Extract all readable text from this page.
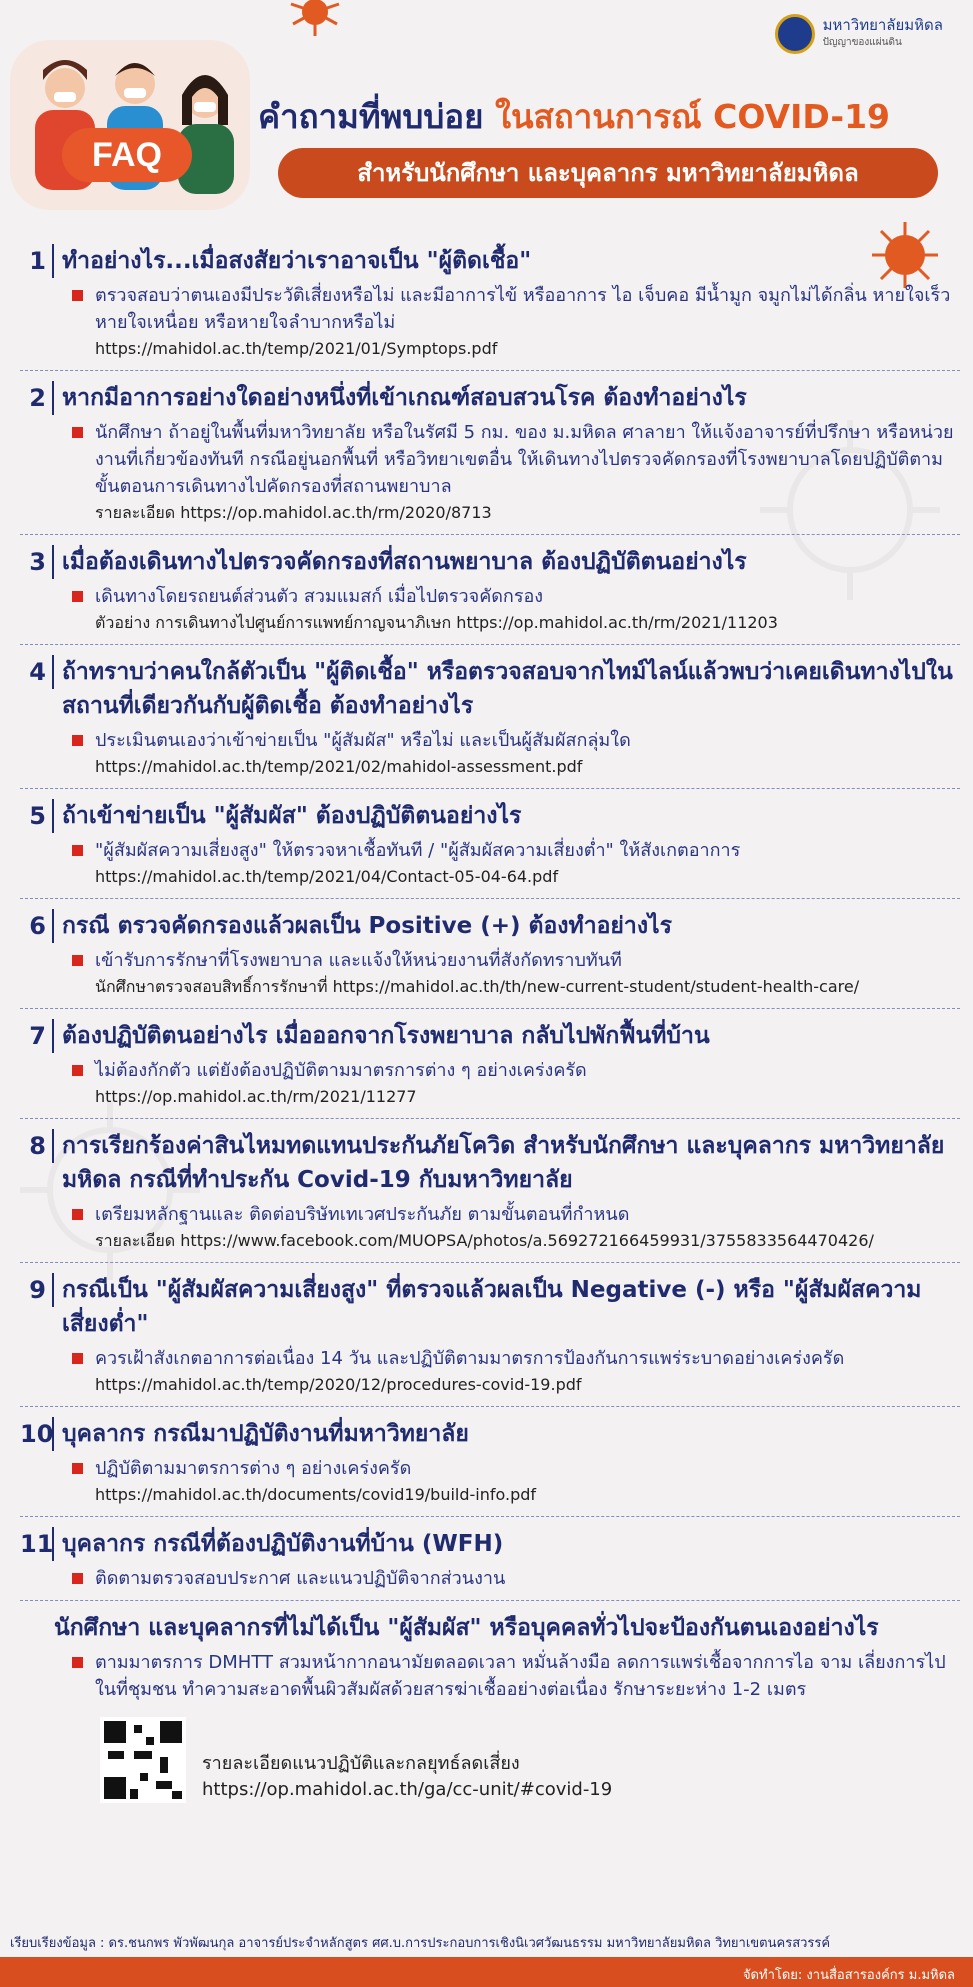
มหาวิทยาลัยมหิดล
ปัญญาของแผ่นดิน
FAQ
คำถามที่พบบ่อย ในสถานการณ์ COVID-19
สำหรับนักศึกษา และบุคลากร มหาวิทยาลัยมหิดล
1 ทำอย่างไร...เมื่อสงสัยว่าเราอาจเป็น "ผู้ติดเชื้อ"
ตรวจสอบว่าตนเองมีประวัติเสี่ยงหรือไม่ และมีอาการไข้ หรืออาการ ไอ เจ็บคอ มีน้ำมูก จมูกไม่ได้กลิ่น หายใจเร็ว หายใจเหนื่อย หรือหายใจลำบากหรือไม่
https://mahidol.ac.th/temp/2021/01/Symptops.pdf
2 หากมีอาการอย่างใดอย่างหนึ่งที่เข้าเกณฑ์สอบสวนโรค ต้องทำอย่างไร
นักศึกษา ถ้าอยู่ในพื้นที่มหาวิทยาลัย หรือในรัศมี 5 กม. ของ ม.มหิดล ศาลายา ให้แจ้งอาจารย์ที่ปรึกษา หรือหน่วยงานที่เกี่ยวข้องทันที กรณีอยู่นอกพื้นที่ หรือวิทยาเขตอื่น ให้เดินทางไปตรวจคัดกรองที่โรงพยาบาลโดยปฏิบัติตามขั้นตอนการเดินทางไปคัดกรองที่สถานพยาบาล
รายละเอียด https://op.mahidol.ac.th/rm/2020/8713
3 เมื่อต้องเดินทางไปตรวจคัดกรองที่สถานพยาบาล ต้องปฏิบัติตนอย่างไร
เดินทางโดยรถยนต์ส่วนตัว สวมแมสก์ เมื่อไปตรวจคัดกรอง
ตัวอย่าง การเดินทางไปศูนย์การแพทย์กาญจนาภิเษก https://op.mahidol.ac.th/rm/2021/11203
4 ถ้าทราบว่าคนใกล้ตัวเป็น "ผู้ติดเชื้อ" หรือตรวจสอบจากไทม์ไลน์แล้วพบว่าเคยเดินทางไปในสถานที่เดียวกันกับผู้ติดเชื้อ ต้องทำอย่างไร
ประเมินตนเองว่าเข้าข่ายเป็น "ผู้สัมผัส" หรือไม่ และเป็นผู้สัมผัสกลุ่มใด
https://mahidol.ac.th/temp/2021/02/mahidol-assessment.pdf
5 ถ้าเข้าข่ายเป็น "ผู้สัมผัส" ต้องปฏิบัติตนอย่างไร
"ผู้สัมผัสความเสี่ยงสูง" ให้ตรวจหาเชื้อทันที / "ผู้สัมผัสความเสี่ยงต่ำ" ให้สังเกตอาการ
https://mahidol.ac.th/temp/2021/04/Contact-05-04-64.pdf
6 กรณี ตรวจคัดกรองแล้วผลเป็น Positive (+) ต้องทำอย่างไร
เข้ารับการรักษาที่โรงพยาบาล และแจ้งให้หน่วยงานที่สังกัดทราบทันที
นักศึกษาตรวจสอบสิทธิ์การรักษาที่ https://mahidol.ac.th/th/new-current-student/student-health-care/
7 ต้องปฏิบัติตนอย่างไร เมื่อออกจากโรงพยาบาล กลับไปพักฟื้นที่บ้าน
ไม่ต้องกักตัว แต่ยังต้องปฏิบัติตามมาตรการต่าง ๆ อย่างเคร่งครัด
https://op.mahidol.ac.th/rm/2021/11277
8 การเรียกร้องค่าสินไหมทดแทนประกันภัยโควิด สำหรับนักศึกษา และบุคลากร มหาวิทยาลัยมหิดล กรณีที่ทำประกัน Covid-19 กับมหาวิทยาลัย
เตรียมหลักฐานและ ติดต่อบริษัทเทเวศประกันภัย ตามขั้นตอนที่กำหนด
รายละเอียด https://www.facebook.com/MUOPSA/photos/a.569272166459931/3755833564470426/
9 กรณีเป็น "ผู้สัมผัสความเสี่ยงสูง" ที่ตรวจแล้วผลเป็น Negative (-) หรือ "ผู้สัมผัสความเสี่ยงต่ำ"
ควรเฝ้าสังเกตอาการต่อเนื่อง 14 วัน และปฏิบัติตามมาตรการป้องกันการแพร่ระบาดอย่างเคร่งครัด
https://mahidol.ac.th/temp/2020/12/procedures-covid-19.pdf
10 บุคลากร กรณีมาปฏิบัติงานที่มหาวิทยาลัย
ปฏิบัติตามมาตรการต่าง ๆ อย่างเคร่งครัด
https://mahidol.ac.th/documents/covid19/build-info.pdf
11 บุคลากร กรณีที่ต้องปฏิบัติงานที่บ้าน (WFH)
ติดตามตรวจสอบประกาศ และแนวปฏิบัติจากส่วนงาน
นักศึกษา และบุคลากรที่ไม่ได้เป็น "ผู้สัมผัส" หรือบุคคลทั่วไปจะป้องกันตนเองอย่างไร
ตามมาตรการ DMHTT สวมหน้ากากอนามัยตลอดเวลา หมั่นล้างมือ ลดการแพร่เชื้อจากการไอ จาม เลี่ยงการไปในที่ชุมชน ทำความสะอาดพื้นผิวสัมผัสด้วยสารฆ่าเชื้ออย่างต่อเนื่อง รักษาระยะห่าง 1-2 เมตร
รายละเอียดแนวปฏิบัติและกลยุทธ์ลดเสี่ยง
https://op.mahidol.ac.th/ga/cc-unit/#covid-19
เรียบเรียงข้อมูล : ดร.ชนกพร พัวพัฒนกุล อาจารย์ประจำหลักสูตร ศศ.บ.การประกอบการเชิงนิเวศวัฒนธรรม มหาวิทยาลัยมหิดล วิทยาเขตนครสวรรค์
จัดทำโดย: งานสื่อสารองค์กร ม.มหิดล
